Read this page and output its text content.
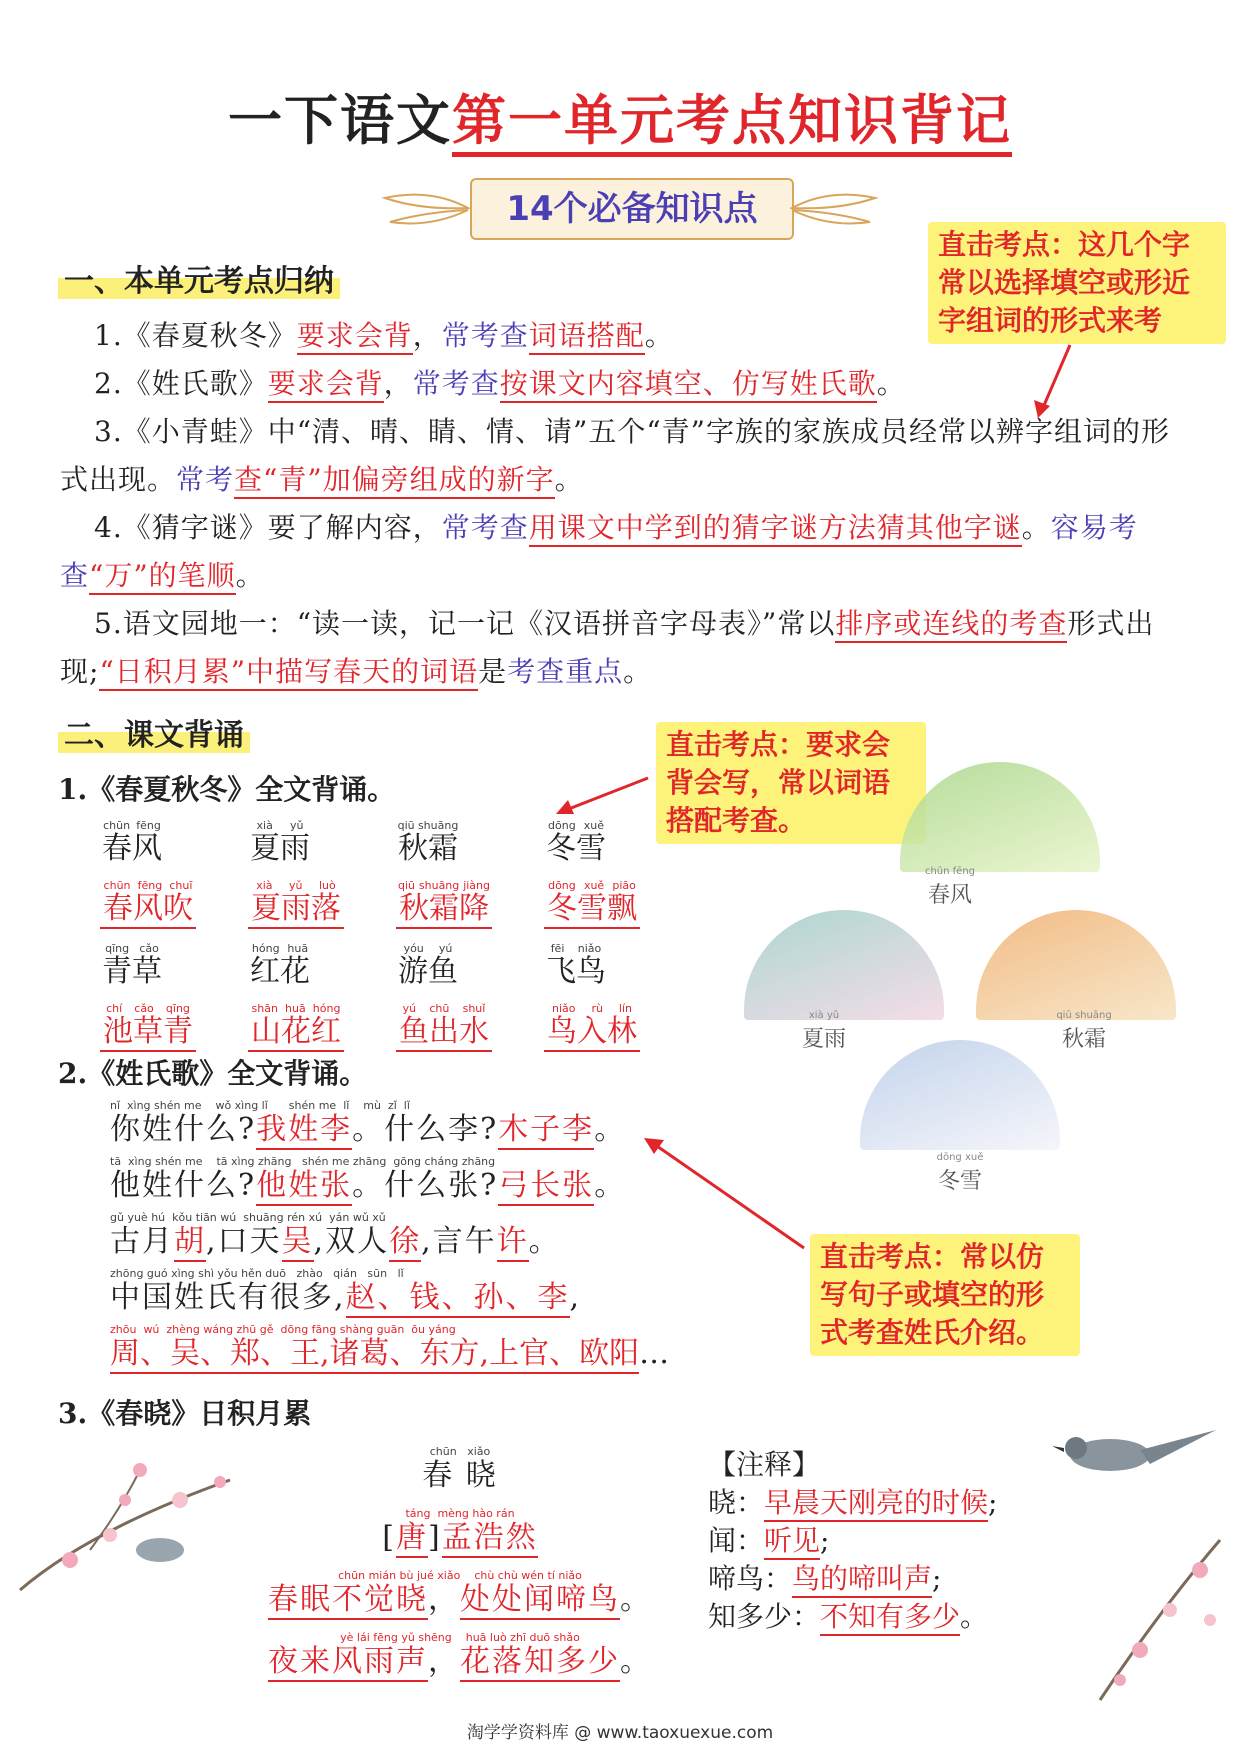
一下语文第一单元考点知识背记
14个必备知识点
直击考点：这几个字常以选择填空或形近字组词的形式来考
一、本单元考点归纳

1.《春夏秋冬》要求会背，常考查词语搭配。

2.《姓氏歌》要求会背，常考查按课文内容填空、仿写姓氏歌。

3.《小青蛙》中“清、晴、睛、情、请”五个“青”字族的家族成员经常以辨字组词的形式出现。常考查“青”加偏旁组成的新字。

4.《猜字谜》要了解内容，常考查用课文中学到的猜字谜方法猜其他字谜。容易考查“万”的笔顺。

5.语文园地一：“读一读，记一记《汉语拼音字母表》”常以排序或连线的考查形式出现;“日积月累”中描写春天的词语是考查重点。

二、课文背诵
1.《春夏秋冬》全文背诵。
直击考点：要求会背会写，常以词语搭配考查。
chūn fēng
春风
xià yǔ
夏雨
qiū shuāng
秋霜
dōng xuě
冬雪
chūn fēng chuī
春风吹
xià yǔ luò
夏雨落
qiū shuāng jiàng
秋霜降
dōng xuě piāo
冬雪飘
qīng cǎo
青草
hóng huā
红花
yóu yú
游鱼
fēi niǎo
飞鸟
chí cǎo qīng
池草青
shān huā hóng
山花红
yú chū shuǐ
鱼出水
niǎo rù lín
鸟入林
chūn fēng
春风
xià yǔ
夏雨
qiū shuāng
秋霜
dōng xuě
冬雪
2.《姓氏歌》全文背诵。
nǐ  xìng shén me    wǒ xìng lǐ      shén me  lǐ    mù  zǐ  lǐ
你姓什么?我姓李。什么李?木子李。
tā  xìng shén me    tā xìng zhāng   shén me zhāng  gōng cháng zhāng
他姓什么?他姓张。什么张?弓长张。
gǔ yuè hú  kǒu tiān wú  shuāng rén xú  yán wǔ xǔ
古月胡,口天吴,双人徐,言午许。
zhōng guó xìng shì yǒu hěn duō   zhào   qián   sūn   lǐ
中国姓氏有很多,赵、钱、孙、李,
zhōu  wú  zhèng wáng zhū gě  dōng fāng shàng guān  ōu yáng
周、吴、郑、王,诸葛、东方,上官、欧阳…
直击考点：常以仿写句子或填空的形式考查姓氏介绍。
3.《春晓》日积月累
chūn   xiǎo
春 晓
táng  mèng hào rán
[唐]孟浩然
chūn mián bù jué xiǎo    chù chù wén tí niǎo
春眠不觉晓，处处闻啼鸟。
yè lái fēng yǔ shēng    huā luò zhī duō shǎo
夜来风雨声，花落知多少。
【注释】
晓：早晨天刚亮的时候;
闻：听见;
啼鸟：鸟的啼叫声;
知多少：不知有多少。
淘学学资料库 @ www.taoxuexue.com
